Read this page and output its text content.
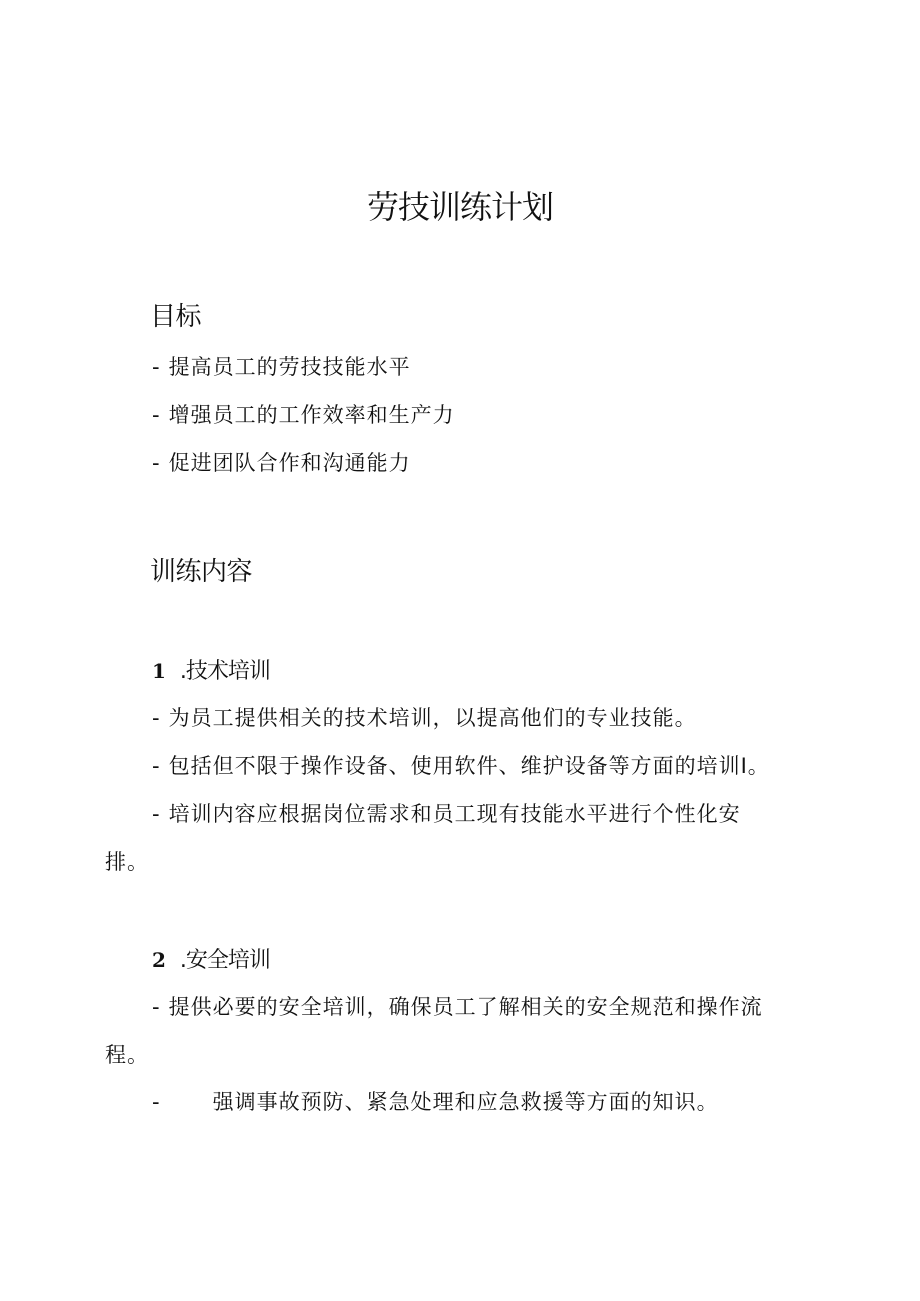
劳技训练计划
目标
- 提高员工的劳技技能水平
- 增强员工的工作效率和生产力
- 促进团队合作和沟通能力
训练内容
1 .技术培训
- 为员工提供相关的技术培训，以提高他们的专业技能。
- 包括但不限于操作设备、使用软件、维护设备等方面的培训Ⅰ。
- 培训内容应根据岗位需求和员工现有技能水平进行个性化安
排。
2 .安全培训
- 提供必要的安全培训，确保员工了解相关的安全规范和操作流
程。
- 强调事故预防、紧急处理和应急救援等方面的知识。
